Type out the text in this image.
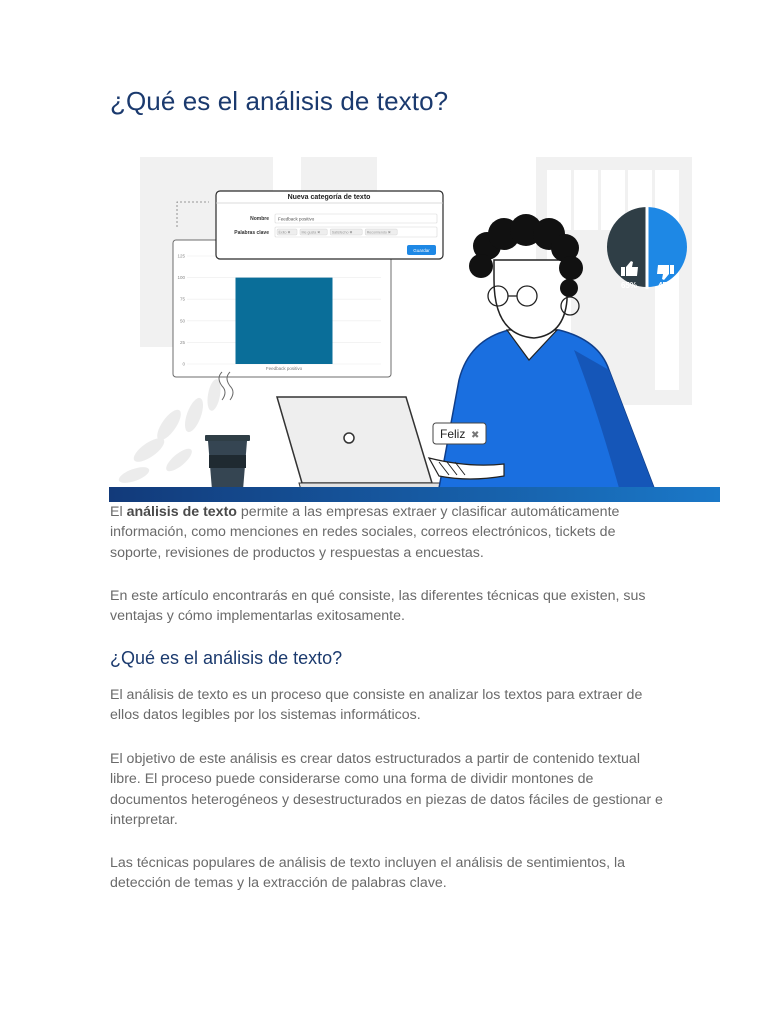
¿Qué es el análisis de texto?
125
100
75
50
25
0
Feedback positivo
Nueva categoría de texto
Nombre Feedback positivo
Palabras clave	Éxito ✖	Me gusta ✖	Satisfecho ✖	Recomiendo ✖
Guardar
Feliz ✖
65%	45%

El análisis de texto permite a las empresas extraer y clasificar automáticamente información, como menciones en redes sociales, correos electrónicos, tickets de soporte, revisiones de productos y respuestas a encuestas.

En este artículo encontrarás en qué consiste, las diferentes técnicas que existen, sus ventajas y cómo implementarlas exitosamente.

¿Qué es el análisis de texto?

El análisis de texto es un proceso que consiste en analizar los textos para extraer de ellos datos legibles por los sistemas informáticos.

El objetivo de este análisis es crear datos estructurados a partir de contenido textual libre. El proceso puede considerarse como una forma de dividir montones de documentos heterogéneos y desestructurados en piezas de datos fáciles de gestionar e interpretar.

Las técnicas populares de análisis de texto incluyen el análisis de sentimientos, la detección de temas y la extracción de palabras clave.
